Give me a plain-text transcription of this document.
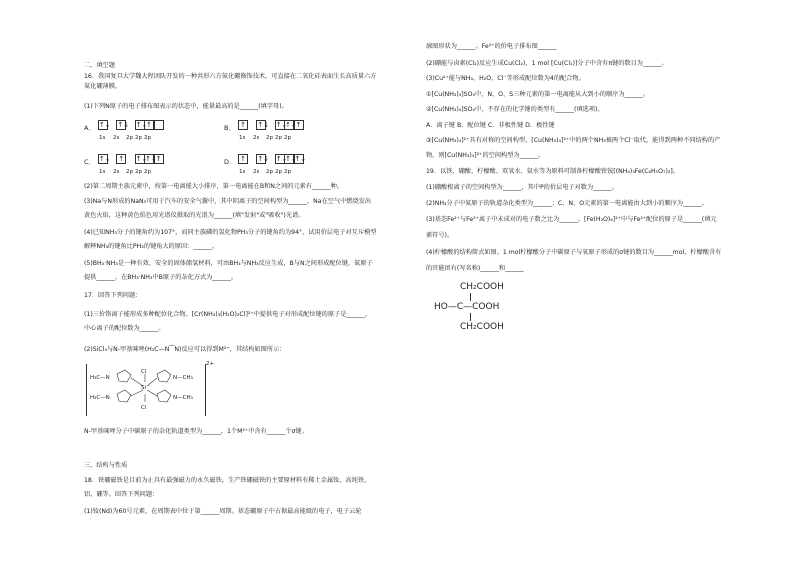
二、填空题
16．我国复旦大学魏大程团队开发的一种共形六方氮化硼修饰技术，可直接在二氧化硅表面生长高质量六方
氮化硼薄膜。
(1)下列N原子的电子排布图表示的状态中，能量最高的是______(填字母)。
A． ↑↓ ↑↓ ↑↓↑
1s 2s 2p 2p 2p
B． ↑ ↑↓ ↑↓↑↓↑
1s 2s 2p 2p 2p
C． ↑↓ ↑ ↑↓↑↓↑
1s 2s 2p 2p 2p
D． ↑ ↑↓ ↑↓↑↓↑↓
1s 2s 2p 2p 2p
(2)第二周期主族元素中，按第一电离能大小排序，第一电离能在B和N之间的元素有______种。
(3)Na与N形成的NaN₃可用于汽车的安全气囊中，其中阴离子的空间构型为______，Na在空气中燃烧发出
黄色火焰，这种黄色焰色用光谱仪摄取的光谱为______(填"发射"或"吸收")光谱。
(4)已知NH₃分子的键角约为107°，而同主族磷的氢化物PH₃分子的键角约为94°，试用价层电子对互斥模型
解释NH₃的键角比PH₃的键角大的原因：______。
(5)BH₃·NH₃是一种有效、安全的固体储氢材料，可由BH₃与NH₃反应生成，B与N之间形成配位键，氮原子
提供______，在BH₃·NH₃中B原子的杂化方式为______。
17．回答下列问题：
(1)三价铬离子能形成多种配位化合物。[Cr(NH₃)₃(H₂O)₂Cl]²⁺中提供电子对形成配位键的原子是______，
中心离子的配位数为______。
(2)SiCl₄与N-甲基咪唑(H₃C—N⁀N)反应可以得到M²⁺，其结构如图所示：
H₃C—N
H₃C—N
N—CH₃
N—CH₃
Cl
Cl
Si
2+
N-甲基咪唑分子中碳原子的杂化轨道类型为______，1个M²⁺中含有______个σ键。
三、结构与性质
18．铁硼磁铁是目前为止具有最强磁力的永久磁铁。生产铁硼磁铁的主要原材料有稀土金属钕、高纯铁、
铝、硼等。回答下列问题：
(1)钕(Nd)为60号元素，在周期表中位于第______周期。基态硼原子中占据最高能级的电子，电子云轮
廓图形状为______。Fe²⁺的价电子排布图______
(2)硼能与卤素(Cl₂)反应生成Cu(Cl₂)，1 mol [Cu(Cl₂)]分子中含有π键的数目为______。
(3)Cu²⁺能与NH₃、H₂O、Cl⁻等形成配位数为4的配合物。
①[Cu(NH₃)₄]SO₄中，N、O、S三种元素的第一电离能从大到小的顺序为______。
②[Cu(NH₃)₄]SO₄中，不存在的化学键的类型有______(填选项)。
A．离子键 B．配位键 C．非极性键 D．极性键
③[Cu(NH₃)₄]²⁺具有对称的空间构型，[Cu(NH₃)₄]²⁺中的两个NH₃被两个Cl⁻取代，能得到两种不同结构的产
物，则[Cu(NH₃)₄]²⁺的空间构型为______。
19．以铁、硼酸、柠檬酸、双氧水、氨水等为原料可制备柠檬酸铁铵[(NH₄)₃Fe(C₆H₅O₇)₂]。
(1)硼酸根离子的空间构型为______，其中P的价层电子对数为______。
(2)NH₃分子中氮原子的轨道杂化类型为______；C、N、O元素的第一电离能由大到小的顺序为______。
(3)基态Fe²⁺与Fe³⁺离子中未成对的电子数之比为______。[Fe(H₂O)₆]²⁺中与Fe²⁺配位的原子是______(填元
素符号)。
(4)柠檬酸的结构简式如图。1 mol柠檬酸分子中碳原子与氧原子形成的σ键的数目为______mol，柠檬酸含有
的官能团有(写名称)______和______
CH₂COOH
HO—C—COOH
CH₂COOH
